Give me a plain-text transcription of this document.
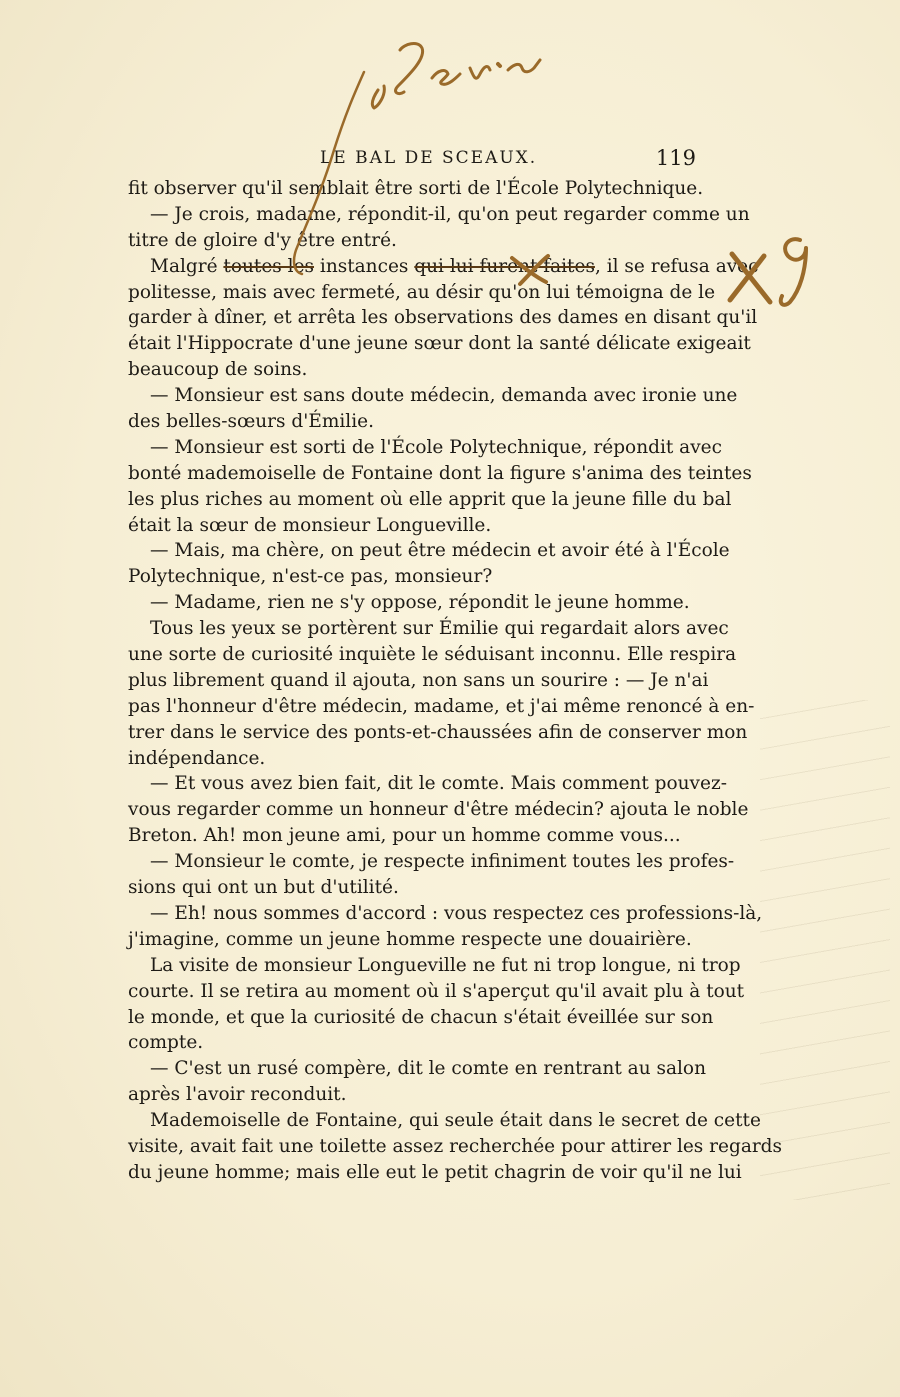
LE BAL DE SCEAUX.	119
fit observer qu'il semblait être sorti de l'École Polytechnique.
— Je crois, madame, répondit-il, qu'on peut regarder comme un
titre de gloire d'y être entré.
Malgré toutes les instances qui lui furent faites, il se refusa avec
politesse, mais avec fermeté, au désir qu'on lui témoigna de le
garder à dîner, et arrêta les observations des dames en disant qu'il
était l'Hippocrate d'une jeune sœur dont la santé délicate exigeait
beaucoup de soins.
— Monsieur est sans doute médecin, demanda avec ironie une
des belles-sœurs d'Émilie.
— Monsieur est sorti de l'École Polytechnique, répondit avec
bonté mademoiselle de Fontaine dont la figure s'anima des teintes
les plus riches au moment où elle apprit que la jeune fille du bal
était la sœur de monsieur Longueville.
— Mais, ma chère, on peut être médecin et avoir été à l'École
Polytechnique, n'est-ce pas, monsieur?
— Madame, rien ne s'y oppose, répondit le jeune homme.
Tous les yeux se portèrent sur Émilie qui regardait alors avec
une sorte de curiosité inquiète le séduisant inconnu. Elle respira
plus librement quand il ajouta, non sans un sourire : — Je n'ai
pas l'honneur d'être médecin, madame, et j'ai même renoncé à en-
trer dans le service des ponts-et-chaussées afin de conserver mon
indépendance.
— Et vous avez bien fait, dit le comte. Mais comment pouvez-
vous regarder comme un honneur d'être médecin? ajouta le noble
Breton. Ah! mon jeune ami, pour un homme comme vous...
— Monsieur le comte, je respecte infiniment toutes les profes-
sions qui ont un but d'utilité.
— Eh! nous sommes d'accord : vous respectez ces professions-là,
j'imagine, comme un jeune homme respecte une douairière.
La visite de monsieur Longueville ne fut ni trop longue, ni trop
courte. Il se retira au moment où il s'aperçut qu'il avait plu à tout
le monde, et que la curiosité de chacun s'était éveillée sur son
compte.
— C'est un rusé compère, dit le comte en rentrant au salon
après l'avoir reconduit.
Mademoiselle de Fontaine, qui seule était dans le secret de cette
visite, avait fait une toilette assez recherchée pour attirer les regards
du jeune homme; mais elle eut le petit chagrin de voir qu'il ne lui
